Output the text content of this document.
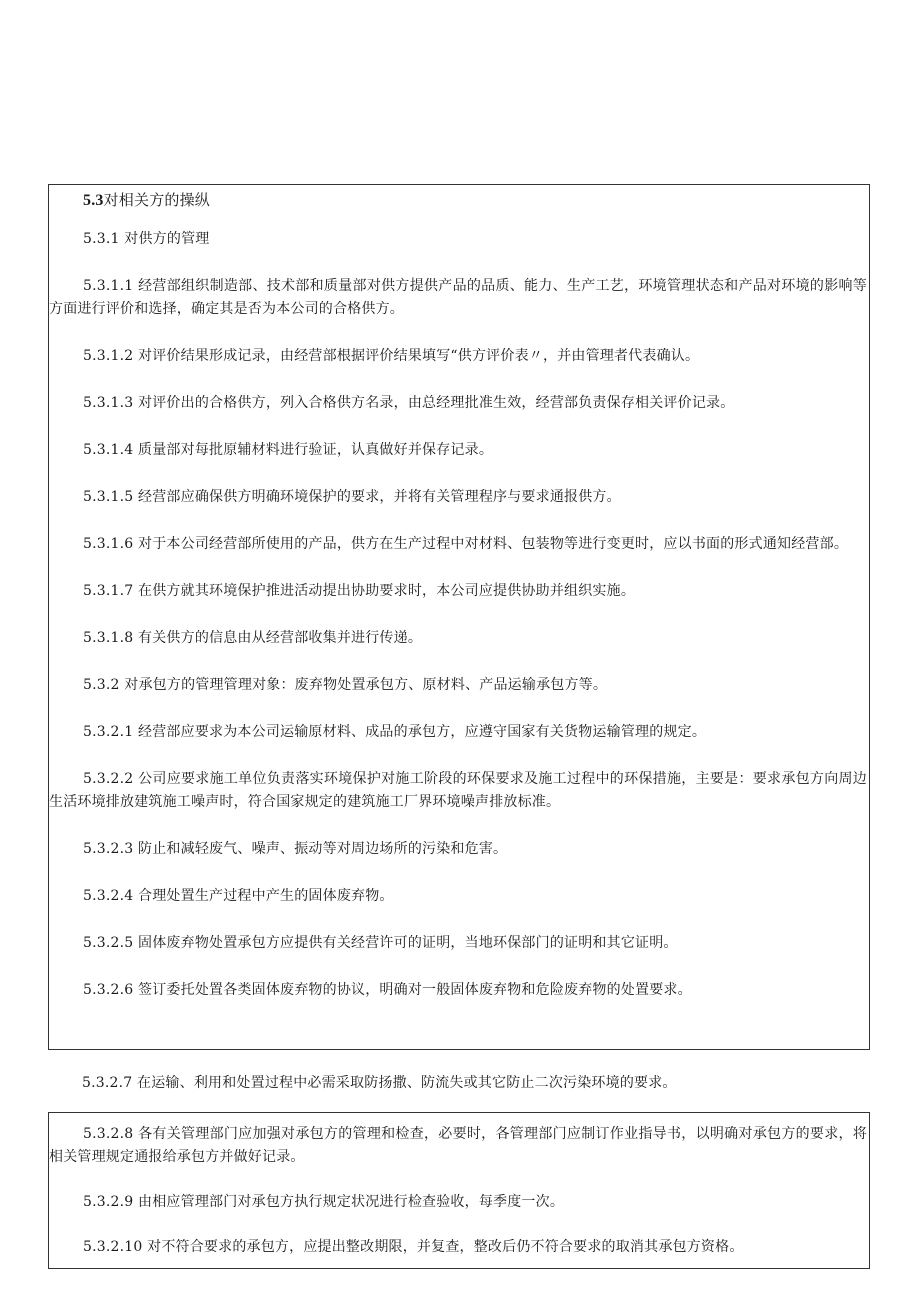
5.3对相关方的操纵

5.3.1 对供方的管理

5.3.1.1 经营部组织制造部、技术部和质量部对供方提供产品的品质、能力、生产工艺，环境管理状态和产品对环境的影响等方面进行评价和选择，确定其是否为本公司的合格供方。

5.3.1.2 对评价结果形成记录，由经营部根据评价结果填写“供方评价表〃，并由管理者代表确认。

5.3.1.3 对评价出的合格供方，列入合格供方名录，由总经理批准生效，经营部负责保存相关评价记录。

5.3.1.4 质量部对每批原辅材料进行验证，认真做好并保存记录。

5.3.1.5 经营部应确保供方明确环境保护的要求，并将有关管理程序与要求通报供方。

5.3.1.6 对于本公司经营部所使用的产品，供方在生产过程中对材料、包装物等进行变更时，应以书面的形式通知经营部。

5.3.1.7 在供方就其环境保护推进活动提出协助要求时，本公司应提供协助并组织实施。

5.3.1.8 有关供方的信息由从经营部收集并进行传递。

5.3.2 对承包方的管理管理对象：废弃物处置承包方、原材料、产品运输承包方等。

5.3.2.1 经营部应要求为本公司运输原材料、成品的承包方，应遵守国家有关货物运输管理的规定。

5.3.2.2 公司应要求施工单位负责落实环境保护对施工阶段的环保要求及施工过程中的环保措施，主要是：要求承包方向周边生活环境排放建筑施工噪声时，符合国家规定的建筑施工厂界环境噪声排放标准。

5.3.2.3 防止和减轻废气、噪声、振动等对周边场所的污染和危害。

5.3.2.4 合理处置生产过程中产生的固体废弃物。

5.3.2.5 固体废弃物处置承包方应提供有关经营许可的证明，当地环保部门的证明和其它证明。

5.3.2.6 签订委托处置各类固体废弃物的协议，明确对一般固体废弃物和危险废弃物的处置要求。

5.3.2.7 在运输、利用和处置过程中必需采取防扬撒、防流失或其它防止二次污染环境的要求。

5.3.2.8 各有关管理部门应加强对承包方的管理和检查，必要时，各管理部门应制订作业指导书，以明确对承包方的要求，将相关管理规定通报给承包方并做好记录。

5.3.2.9 由相应管理部门对承包方执行规定状况进行检查验收，每季度一次。

5.3.2.10 对不符合要求的承包方，应提出整改期限，并复查，整改后仍不符合要求的取消其承包方资格。
